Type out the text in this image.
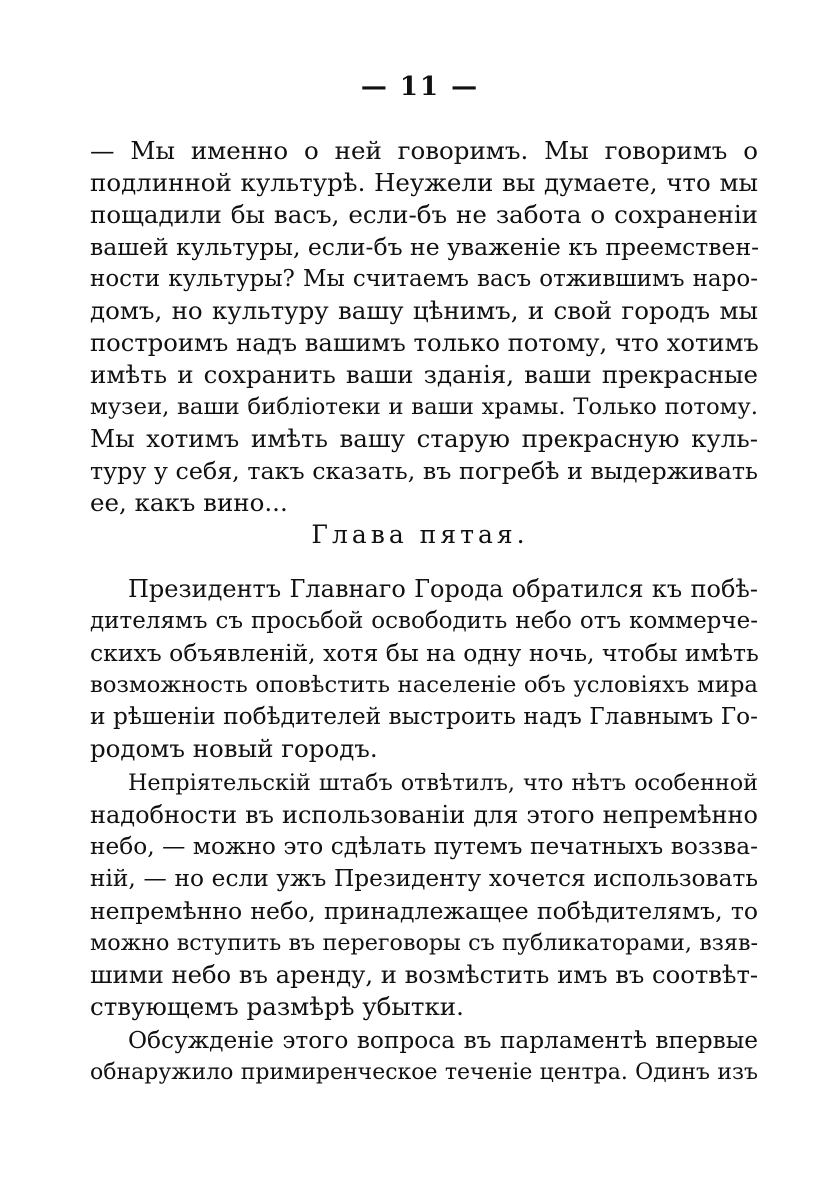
— 11 —
— Мы именно о ней говоримъ. Мы говоримъ о
подлинной культурѣ. Неужели вы думаете, что мы
пощадили бы васъ, если-бъ не забота о сохраненіи
вашей культуры, если-бъ не уваженіе къ преемствен-
ности культуры? Мы считаемъ васъ отжившимъ наро-
домъ, но культуру вашу цѣнимъ, и свой городъ мы
построимъ надъ вашимъ только потому, что хотимъ
имѣть и сохранить ваши зданія, ваши прекрасные
музеи, ваши библіотеки и ваши храмы. Только потому.
Мы хотимъ имѣть вашу старую прекрасную куль-
туру у себя, такъ сказать, въ погребѣ и выдерживать
ее, какъ вино...
Глава пятая.
Президентъ Главнаго Города обратился къ побѣ-
дителямъ съ просьбой освободить небо отъ коммерче-
скихъ объявленій, хотя бы на одну ночь, чтобы имѣть
возможность оповѣстить населеніе объ условіяхъ мира
и рѣшеніи побѣдителей выстроить надъ Главнымъ Го-
родомъ новый городъ.
Непріятельскій штабъ отвѣтилъ, что нѣтъ особенной
надобности въ использованіи для этого непремѣнно
небо, — можно это сдѣлать путемъ печатныхъ воззва-
ній, — но если ужъ Президенту хочется использовать
непремѣнно небо, принадлежащее побѣдителямъ, то
можно вступить въ переговоры съ публикаторами, взяв-
шими небо въ аренду, и возмѣстить имъ въ соотвѣт-
ствующемъ размѣрѣ убытки.
Обсужденіе этого вопроса въ парламентѣ впервые
обнаружило примиренческое теченіе центра. Одинъ изъ
